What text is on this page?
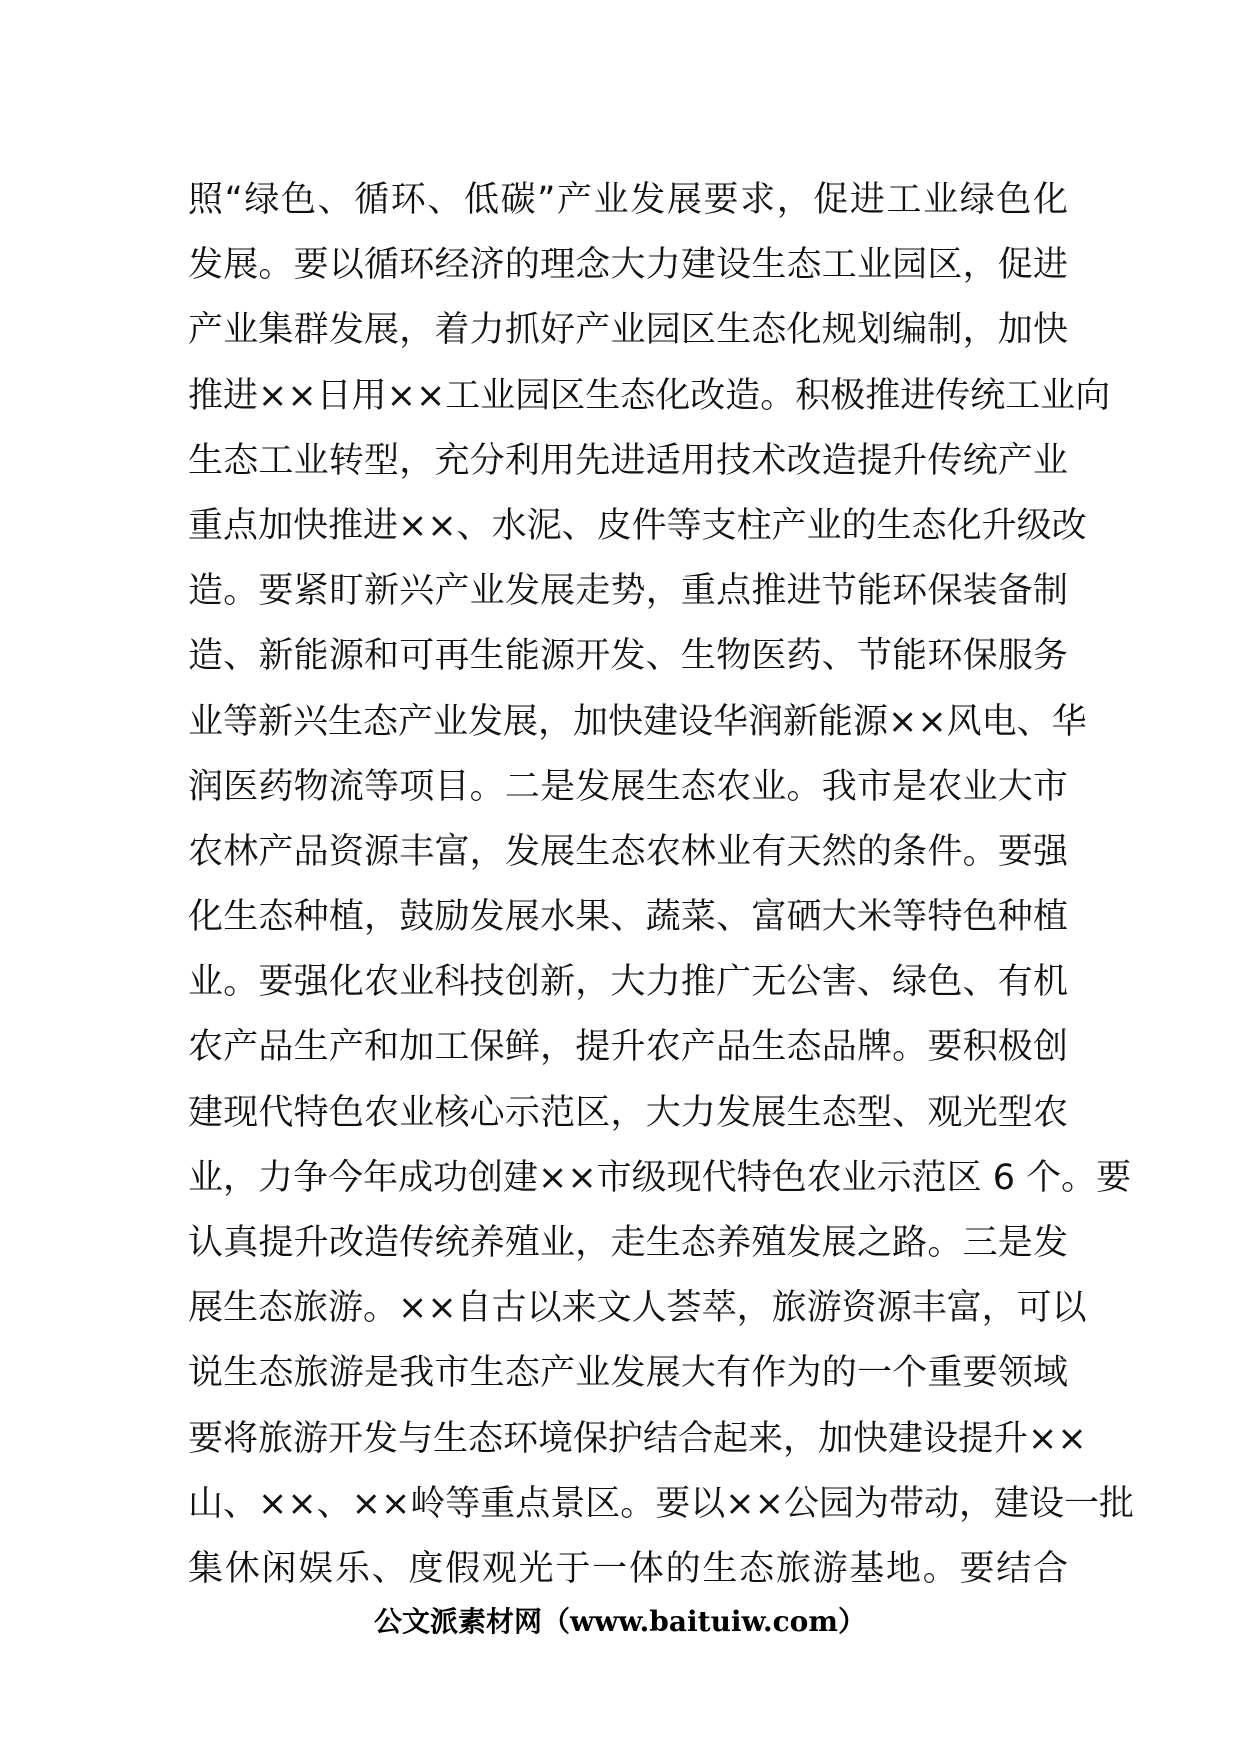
照“绿色、循环、低碳”产业发展要求，促进工业绿色化
发展。要以循环经济的理念大力建设生态工业园区，促进
产业集群发展，着力抓好产业园区生态化规划编制，加快
推进××日用××工业园区生态化改造。积极推进传统工业向
生态工业转型，充分利用先进适用技术改造提升传统产业
重点加快推进××、水泥、皮件等支柱产业的生态化升级改
造。要紧盯新兴产业发展走势，重点推进节能环保装备制
造、新能源和可再生能源开发、生物医药、节能环保服务
业等新兴生态产业发展，加快建设华润新能源××风电、华
润医药物流等项目。二是发展生态农业。我市是农业大市
农林产品资源丰富，发展生态农林业有天然的条件。要强
化生态种植，鼓励发展水果、蔬菜、富硒大米等特色种植
业。要强化农业科技创新，大力推广无公害、绿色、有机
农产品生产和加工保鲜，提升农产品生态品牌。要积极创
建现代特色农业核心示范区，大力发展生态型、观光型农
业，力争今年成功创建××市级现代特色农业示范区 6 个。要
认真提升改造传统养殖业，走生态养殖发展之路。三是发
展生态旅游。××自古以来文人荟萃，旅游资源丰富，可以
说生态旅游是我市生态产业发展大有作为的一个重要领域
要将旅游开发与生态环境保护结合起来，加快建设提升××
山、××、××岭等重点景区。要以××公园为带动，建设一批
集休闲娱乐、度假观光于一体的生态旅游基地。要结合
公文派素材网（www.baituiw.com）
